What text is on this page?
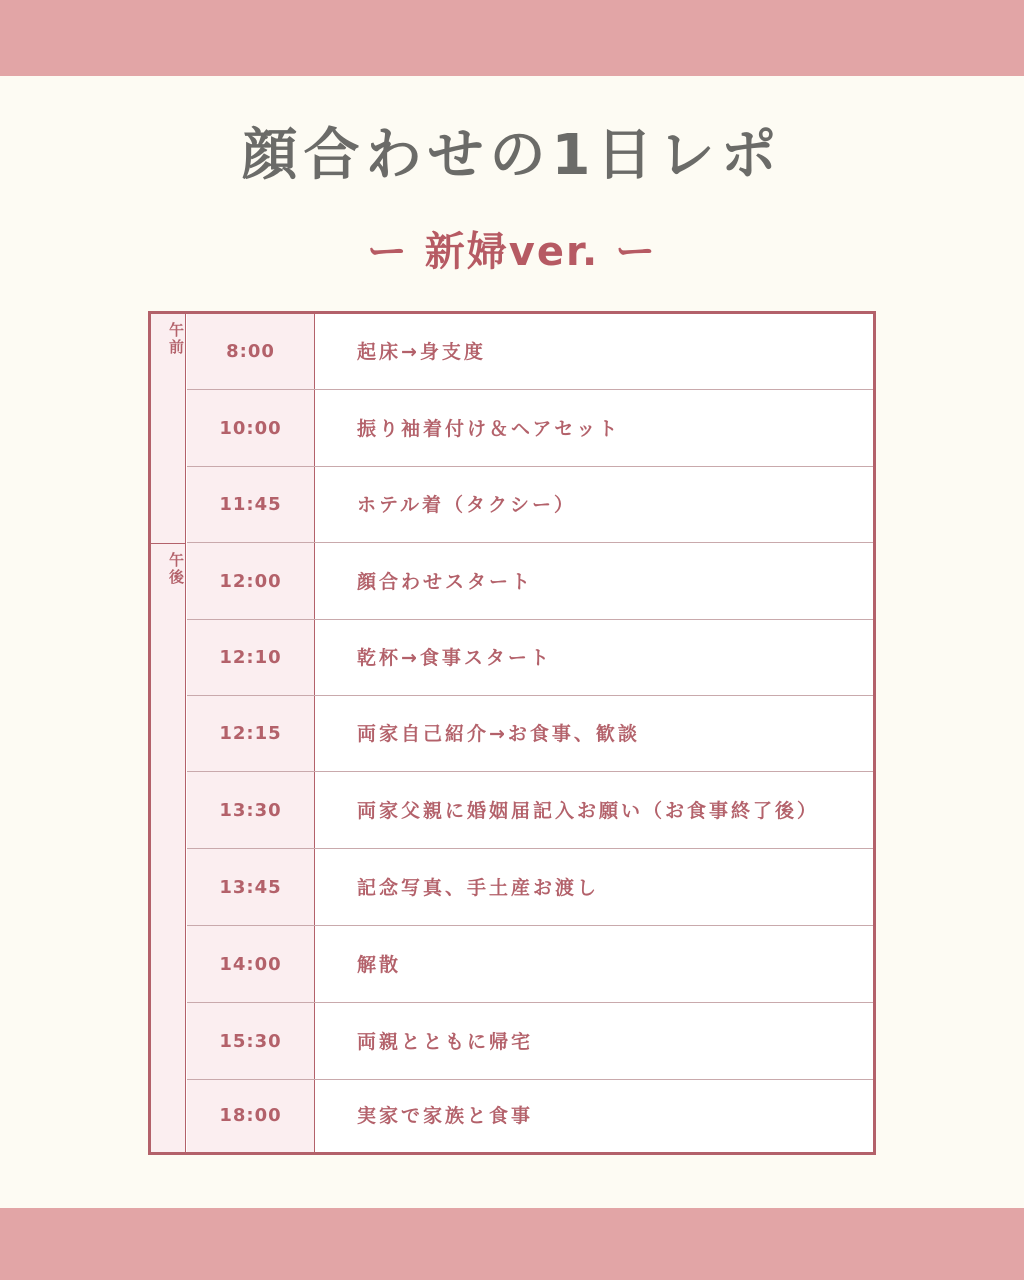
顔合わせの1日レポ
ー 新婦ver. ー
午前
午後
8:00	起床→身支度
10:00	振り袖着付け＆ヘアセット
11:45	ホテル着（タクシー）
12:00	顔合わせスタート
12:10	乾杯→食事スタート
12:15	両家自己紹介→お食事、歓談
13:30	両家父親に婚姻届記入お願い（お食事終了後）
13:45	記念写真、手土産お渡し
14:00	解散
15:30	両親とともに帰宅
18:00	実家で家族と食事
